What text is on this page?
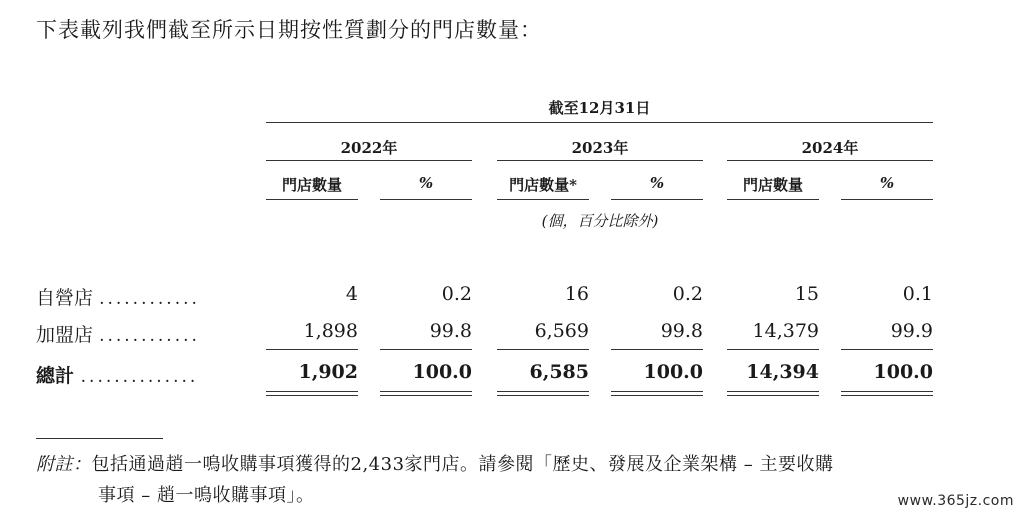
下表載列我們截至所示日期按性質劃分的門店數量：
截至12月31日
2022年	2023年	2024年
門店數量	%	門店數量*	%	門店數量	%
(個，百分比除外)
自營店 ............	4	0.2	16	0.2	15	0.1
加盟店 ............	1,898	99.8	6,569	99.8	14,379	99.9
總計 ..............	1,902	100.0	6,585	100.0 14,394	100.0
附註：包括通過趙一鳴收購事項獲得的2,433家門店。請參閱「歷史、發展及企業架構 – 主要收購
事項 – 趙一鳴收購事項」。	www.365jz.com
